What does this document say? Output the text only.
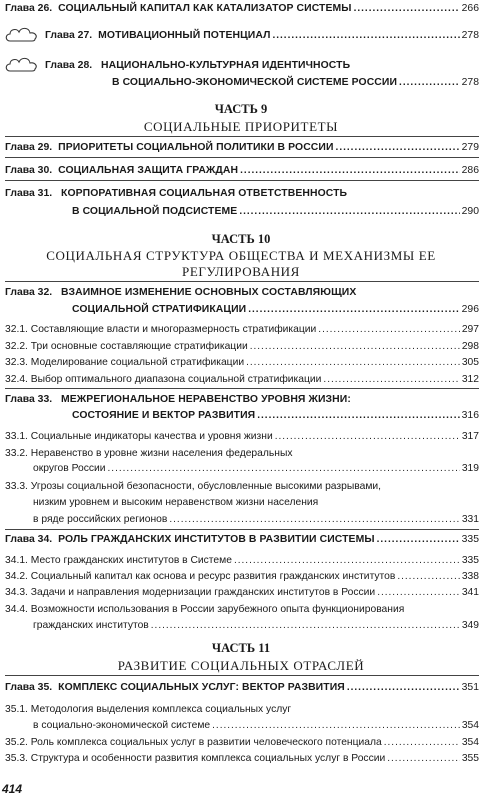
Глава 26. СОЦИАЛЬНЫЙ КАПИТАЛ КАК КАТАЛИЗАТОР СИСТЕМЫ .....	266
Глава 27. МОТИВАЦИОННЫЙ ПОТЕНЦИАЛ .....	278
Глава 28. НАЦИОНАЛЬНО-КУЛЬТУРНАЯ ИДЕНТИЧНОСТЬ
В СОЦИАЛЬНО-ЭКОНОМИЧЕСКОЙ СИСТЕМЕ РОССИИ .....	278
ЧАСТЬ 9
СОЦИАЛЬНЫЕ ПРИОРИТЕТЫ
Глава 29. ПРИОРИТЕТЫ СОЦИАЛЬНОЙ ПОЛИТИКИ В РОССИИ .....	279
Глава 30. СОЦИАЛЬНАЯ ЗАЩИТА ГРАЖДАН .....	286
Глава 31. КОРПОРАТИВНАЯ СОЦИАЛЬНАЯ ОТВЕТСТВЕННОСТЬ
В СОЦИАЛЬНОЙ ПОДСИСТЕМЕ .....	290
ЧАСТЬ 10
СОЦИАЛЬНАЯ СТРУКТУРА ОБЩЕСТВА И МЕХАНИЗМЫ ЕЕ
РЕГУЛИРОВАНИЯ
Глава 32. ВЗАИМНОЕ ИЗМЕНЕНИЕ ОСНОВНЫХ СОСТАВЛЯЮЩИХ
СОЦИАЛЬНОЙ СТРАТИФИКАЦИИ .....	296
32.1. Составляющие власти и многоразмерность стратификации .....	297
32.2. Три основные составляющие стратификации .....	298
32.3. Моделирование социальной стратификации .....	305
32.4. Выбор оптимального диапазона социальной стратификации .....	312
Глава 33. МЕЖРЕГИОНАЛЬНОЕ НЕРАВЕНСТВО УРОВНЯ ЖИЗНИ:
СОСТОЯНИЕ И ВЕКТОР РАЗВИТИЯ .....	316
33.1. Социальные индикаторы качества и уровня жизни .....	317
33.2. Неравенство в уровне жизни населения федеральных
округов России .....	319
33.3. Угрозы социальной безопасности, обусловленные высокими разрывами,
низким уровнем и высоким неравенством жизни населения
в ряде российских регионов .....	331
Глава 34. РОЛЬ ГРАЖДАНСКИХ ИНСТИТУТОВ В РАЗВИТИИ СИСТЕМЫ .....	335
34.1. Место гражданских институтов в Системе .....	335
34.2. Социальный капитал как основа и ресурс развития гражданских институтов .....	338
34.3. Задачи и направления модернизации гражданских институтов в России .....	341
34.4. Возможности использования в России зарубежного опыта функционирования
гражданских институтов .....	349
ЧАСТЬ 11
РАЗВИТИЕ СОЦИАЛЬНЫХ ОТРАСЛЕЙ
Глава 35. КОМПЛЕКС СОЦИАЛЬНЫХ УСЛУГ: ВЕКТОР РАЗВИТИЯ .....	351
35.1. Методология выделения комплекса социальных услуг
в социально-экономической системе .....	354
35.2. Роль комплекса социальных услуг в развитии человеческого потенциала .....	354
35.3. Структура и особенности развития комплекса социальных услуг в России .....	355
414
